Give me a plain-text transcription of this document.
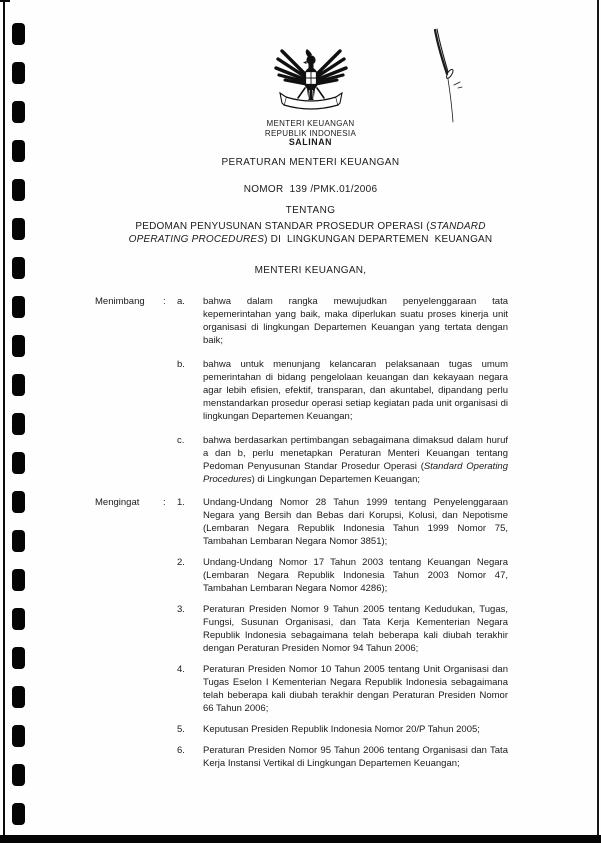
MENTERI KEUANGAN
REPUBLIK INDONESIA
SALINAN
PERATURAN MENTERI KEUANGAN
NOMOR  139 /PMK.01/2006
TENTANG
PEDOMAN PENYUSUNAN STANDAR PROSEDUR OPERASI (STANDARD OPERATING PROCEDURES) DI  LINGKUNGAN DEPARTEMEN  KEUANGAN
MENTERI KEUANGAN,
Menimbang	:	a.	bahwa dalam rangka mewujudkan penyelenggaraan tata kepemerintahan yang baik, maka diperlukan suatu proses kinerja unit organisasi di lingkungan Departemen Keuangan yang tertata dengan baik;
b.	bahwa untuk menunjang kelancaran pelaksanaan tugas umum pemerintahan di bidang pengelolaan keuangan dan kekayaan negara agar lebih efisien, efektif, transparan, dan akuntabel, dipandang perlu menstandarkan prosedur operasi setiap kegiatan pada unit organisasi di lingkungan Departemen Keuangan;
c.	bahwa berdasarkan pertimbangan sebagaimana dimaksud dalam huruf a dan b, perlu menetapkan Peraturan Menteri Keuangan tentang Pedoman Penyusunan Standar Prosedur Operasi (Standard Operating Procedures) di Lingkungan Departemen Keuangan;
Mengingat	:	1.	Undang-Undang Nomor 28 Tahun 1999 tentang Penyelenggaraan Negara yang Bersih dan Bebas dari Korupsi, Kolusi, dan Nepotisme (Lembaran Negara Republik Indonesia Tahun 1999 Nomor 75, Tambahan Lembaran Negara Nomor 3851);
2.	Undang-Undang Nomor 17 Tahun 2003 tentang Keuangan Negara (Lembaran Negara Republik Indonesia Tahun 2003 Nomor 47, Tambahan Lembaran Negara Nomor 4286);
3.	Peraturan Presiden Nomor 9 Tahun 2005 tentang Kedudukan, Tugas, Fungsi, Susunan Organisasi, dan Tata Kerja Kementerian Negara Republik Indonesia sebagaimana telah beberapa kali diubah terakhir dengan Peraturan Presiden Nomor 94 Tahun 2006;
4.	Peraturan Presiden Nomor 10 Tahun 2005 tentang Unit Organisasi dan Tugas Eselon I Kementerian Negara Republik Indonesia sebagaimana telah beberapa kali diubah terakhir dengan Peraturan Presiden Nomor 66 Tahun 2006;
5.	Keputusan Presiden Republik Indonesia Nomor 20/P Tahun 2005;
6.	Peraturan Presiden Nomor 95 Tahun 2006 tentang Organisasi dan Tata Kerja Instansi Vertikal di Lingkungan Departemen Keuangan;
